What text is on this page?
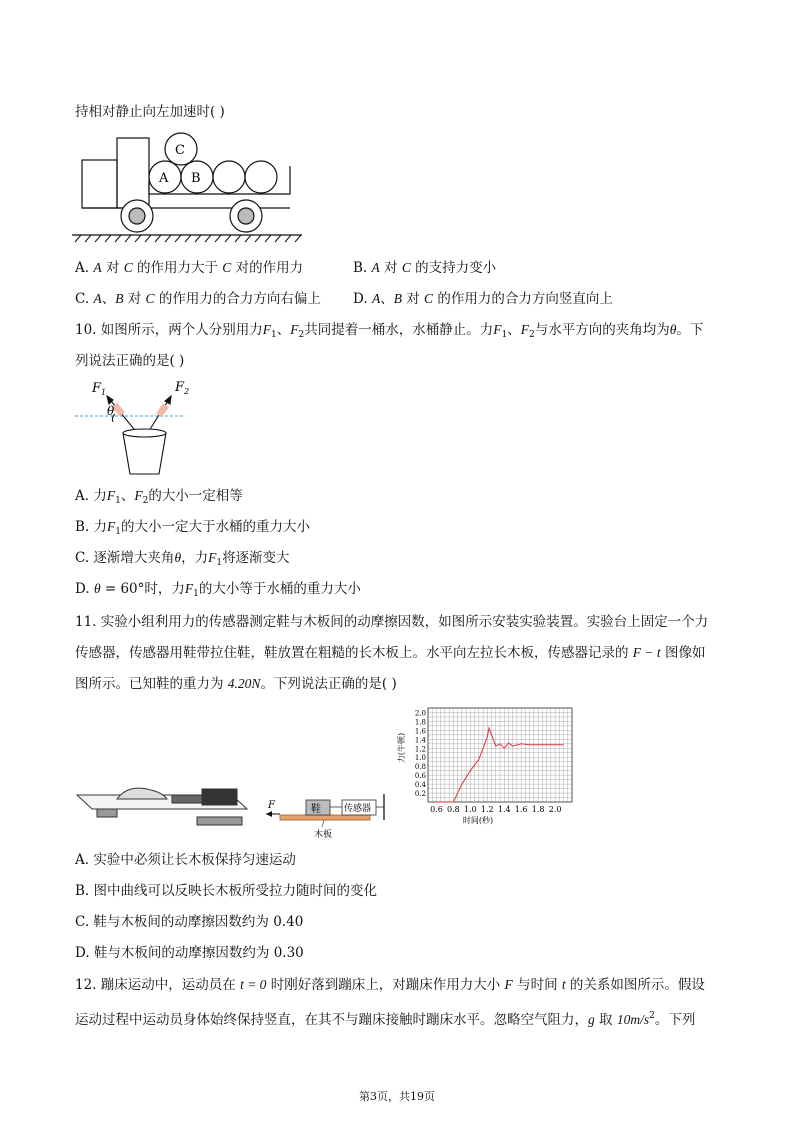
持相对静止向左加速时( )
C
A B
A. A 对 C 的作用力大于 C 对的作用力	B. A 对 C 的支持力变小
C. A、B 对 C 的作用力的合力方向右偏上 D. A、B 对 C 的作用力的合力方向竖直向上
10. 如图所示，两个人分别用力$F_1$、$F_2$共同提着一桶水，水桶静止。力$F_1$、$F_2$与水平方向的夹角均为θ。下
列说法正确的是( )
$F_1$	$F_2$
θ
A. 力$F_1$、$F_2$的大小一定相等
B. 力$F_1$的大小一定大于水桶的重力大小
C. 逐渐增大夹角θ，力$F_1$将逐渐变大
D. θ = 60°时，力$F_1$的大小等于水桶的重力大小
11. 实验小组利用力的传感器测定鞋与木板间的动摩擦因数，如图所示安装实验装置。实验台上固定一个力
传感器，传感器用鞋带拉住鞋，鞋放置在粗糙的长木板上。水平向左拉长木板，传感器记录的 F − t 图像如
图所示。已知鞋的重力为 4.20N。下列说法正确的是( )
F	鞋	传感器
木板
0.6 0.8 1.0 1.2 1.4 1.6 1.8 2.0
0.2
0.4
0.6
0.8
1.0
1.2
1.4
1.6
1.8
2.0
时间(秒)
力(牛顿)
A. 实验中必须让长木板保持匀速运动
B. 图中曲线可以反映长木板所受拉力随时间的变化
C. 鞋与木板间的动摩擦因数约为 0.40
D. 鞋与木板间的动摩擦因数约为 0.30
12. 蹦床运动中，运动员在 t = 0 时刚好落到蹦床上，对蹦床作用力大小 F 与时间 t 的关系如图所示。假设
运动过程中运动员身体始终保持竖直，在其不与蹦床接触时蹦床水平。忽略空气阻力，g 取 $10m/s^2$。下列
第3页，共19页
